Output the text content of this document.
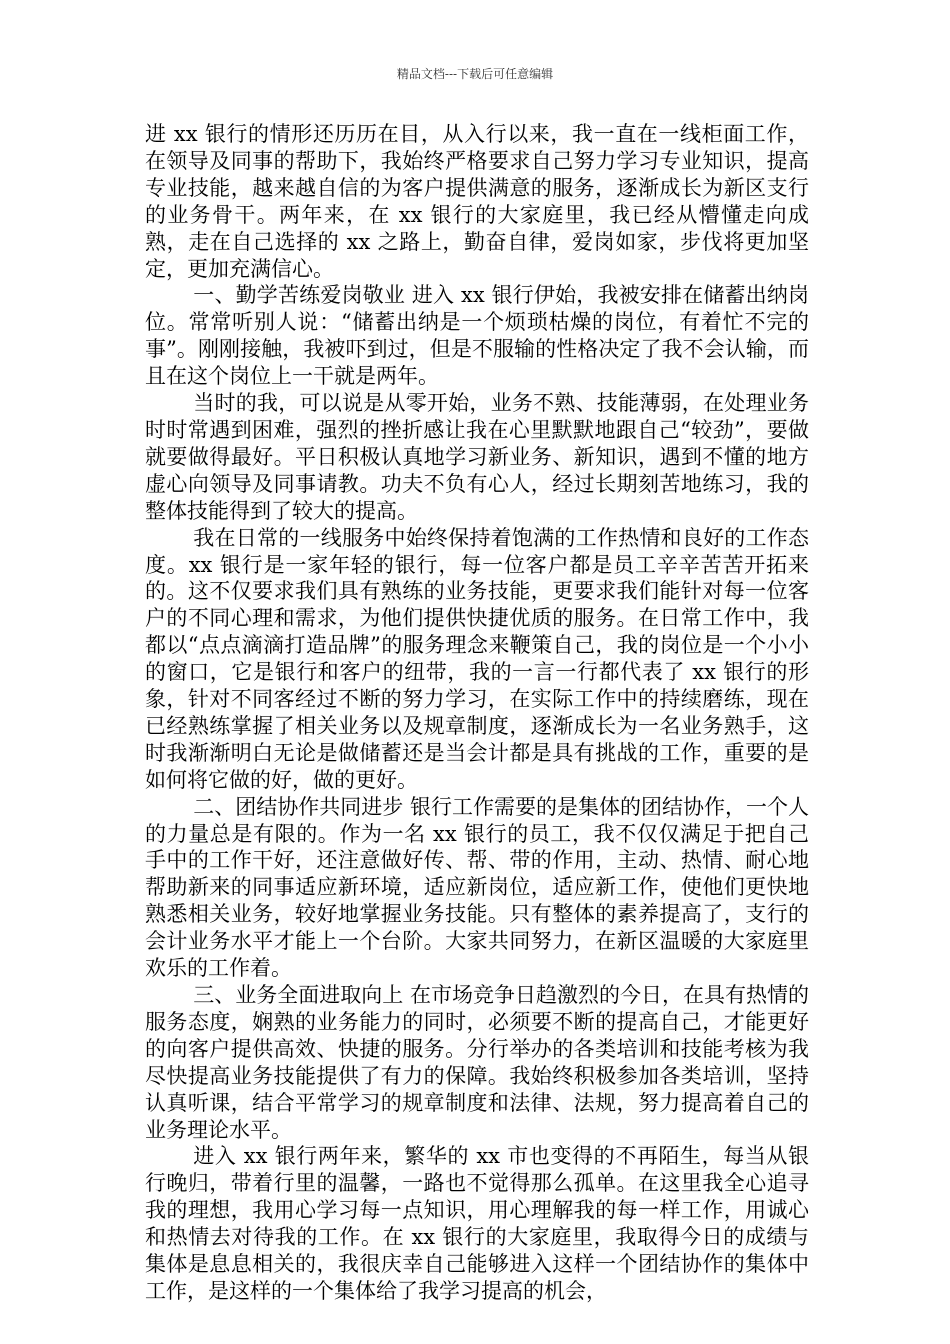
精品文档---下载后可任意编辑

进 xx 银行的情形还历历在目，从入行以来，我一直在一线柜面工作，在领导及同事的帮助下，我始终严格要求自己努力学习专业知识，提高专业技能，越来越自信的为客户提供满意的服务，逐渐成长为新区支行的业务骨干。两年来，在 xx 银行的大家庭里，我已经从懵懂走向成熟，走在自己选择的 xx 之路上，勤奋自律，爱岗如家，步伐将更加坚定，更加充满信心。

一、勤学苦练爱岗敬业 进入 xx 银行伊始，我被安排在储蓄出纳岗位。常常听别人说：“储蓄出纳是一个烦琐枯燥的岗位，有着忙不完的事”。刚刚接触，我被吓到过，但是不服输的性格决定了我不会认输，而且在这个岗位上一干就是两年。

当时的我，可以说是从零开始，业务不熟、技能薄弱，在处理业务时时常遇到困难，强烈的挫折感让我在心里默默地跟自己“较劲”，要做就要做得最好。平日积极认真地学习新业务、新知识，遇到不懂的地方虚心向领导及同事请教。功夫不负有心人，经过长期刻苦地练习，我的整体技能得到了较大的提高。

我在日常的一线服务中始终保持着饱满的工作热情和良好的工作态度。xx 银行是一家年轻的银行，每一位客户都是员工辛辛苦苦开拓来的。这不仅要求我们具有熟练的业务技能，更要求我们能针对每一位客户的不同心理和需求，为他们提供快捷优质的服务。在日常工作中，我都以“点点滴滴打造品牌”的服务理念来鞭策自己，我的岗位是一个小小的窗口，它是银行和客户的纽带，我的一言一行都代表了 xx 银行的形象，针对不同客经过不断的努力学习，在实际工作中的持续磨练，现在已经熟练掌握了相关业务以及规章制度，逐渐成长为一名业务熟手，这时我渐渐明白无论是做储蓄还是当会计都是具有挑战的工作，重要的是如何将它做的好，做的更好。

二、团结协作共同进步 银行工作需要的是集体的团结协作，一个人的力量总是有限的。作为一名 xx 银行的员工，我不仅仅满足于把自己手中的工作干好，还注意做好传、帮、带的作用，主动、热情、耐心地帮助新来的同事适应新环境，适应新岗位，适应新工作，使他们更快地熟悉相关业务，较好地掌握业务技能。只有整体的素养提高了，支行的会计业务水平才能上一个台阶。大家共同努力，在新区温暖的大家庭里欢乐的工作着。

三、业务全面进取向上 在市场竞争日趋激烈的今日，在具有热情的服务态度，娴熟的业务能力的同时，必须要不断的提高自己，才能更好的向客户提供高效、快捷的服务。分行举办的各类培训和技能考核为我尽快提高业务技能提供了有力的保障。我始终积极参加各类培训，坚持认真听课，结合平常学习的规章制度和法律、法规，努力提高着自己的业务理论水平。

进入 xx 银行两年来，繁华的 xx 市也变得的不再陌生，每当从银行晚归，带着行里的温馨，一路也不觉得那么孤单。在这里我全心追寻我的理想，我用心学习每一点知识，用心理解我的每一样工作，用诚心和热情去对待我的工作。在 xx 银行的大家庭里，我取得今日的成绩与集体是息息相关的，我很庆幸自己能够进入这样一个团结协作的集体中工作，是这样的一个集体给了我学习提高的机会，
